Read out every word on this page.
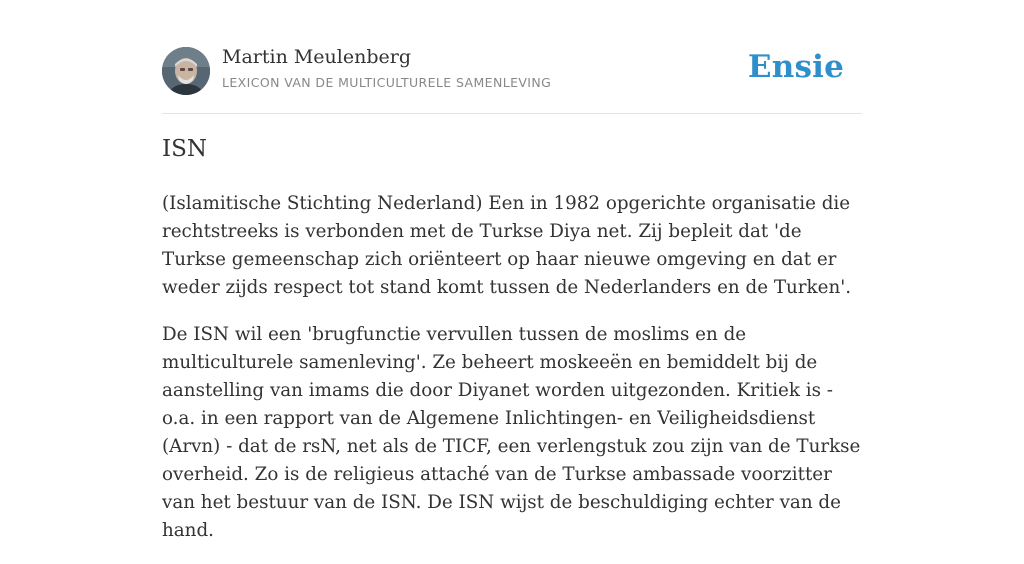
Martin Meulenberg
LEXICON VAN DE MULTICULTURELE SAMENLEVING	Ensie
ISN

(Islamitische Stichting Nederland) Een in 1982 opgerichte organisatie die rechtstreeks is verbonden met de Turkse Diya net. Zij bepleit dat 'de Turkse gemeenschap zich oriënteert op haar nieuwe omgeving en dat er weder zijds respect tot stand komt tussen de Nederlanders en de Turken'.

De ISN wil een 'brugfunctie vervullen tussen de moslims en de multiculturele samenleving'. Ze beheert moskeeën en bemiddelt bij de aanstelling van imams die door Diyanet worden uitgezonden. Kritiek is - o.a. in een rapport van de Algemene Inlichtingen- en Veiligheidsdienst (Arvn) - dat de rsN, net als de TICF, een verlengstuk zou zijn van de Turkse overheid. Zo is de religieus attaché van de Turkse ambassade voorzitter van het bestuur van de ISN. De ISN wijst de beschuldiging echter van de hand.
